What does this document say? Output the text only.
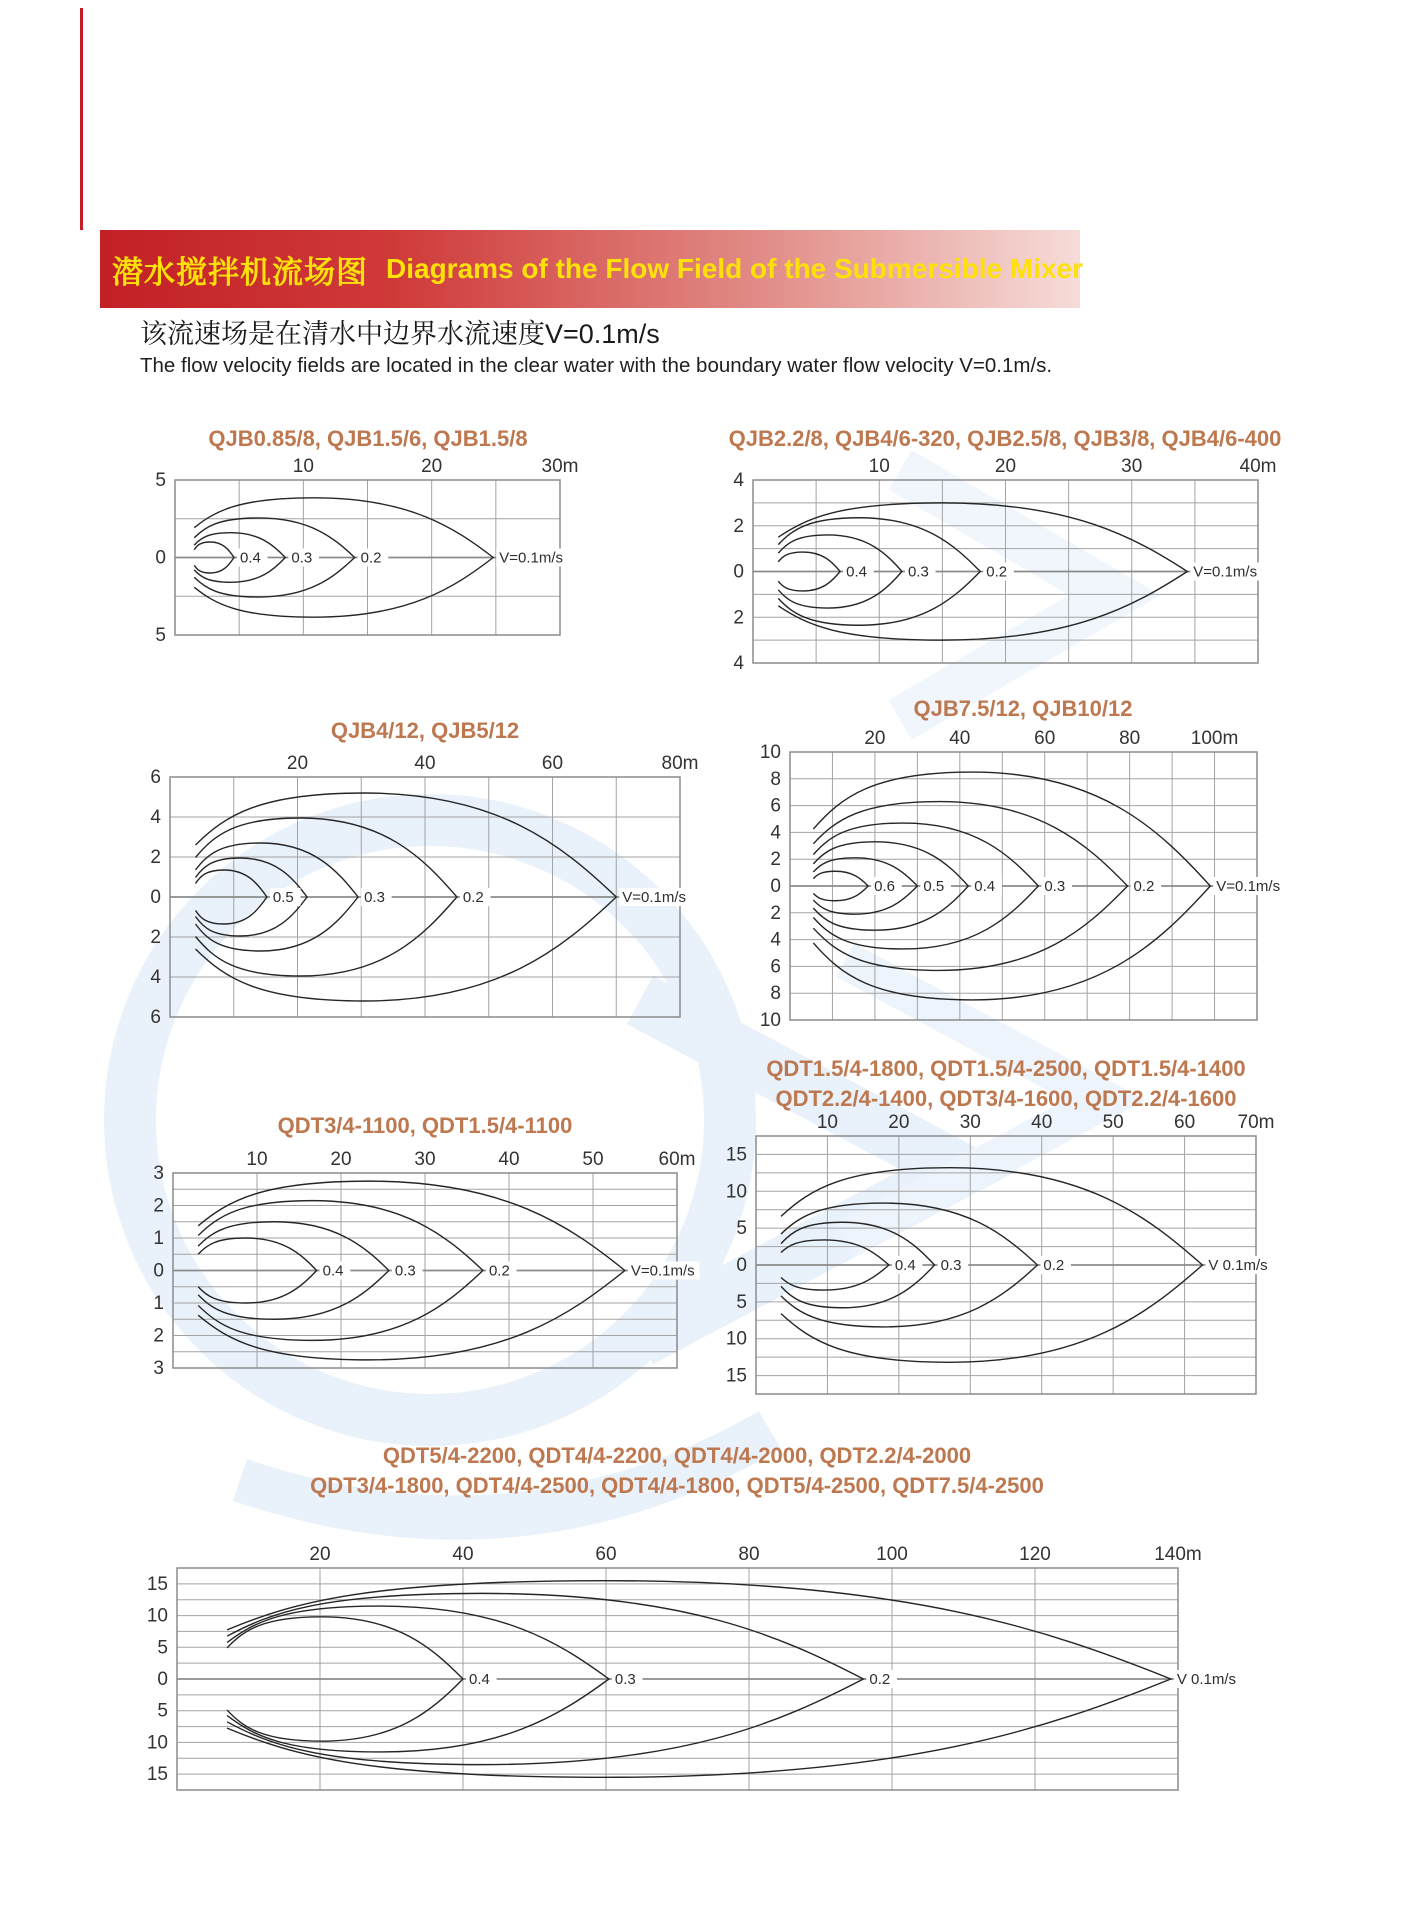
潜水搅拌机流场图 Diagrams of the Flow Field of the Submersible Mixer
该流速场是在清水中边界水流速度V=0.1m/s
The flow velocity fields are located in the clear water with the boundary water flow velocity V=0.1m/s.
QJB0.85/8, QJB1.5/6, QJB1.5/8
10	20	30m
5
0
5
0.4 0.3	0.2	V=0.1m/s
QJB2.2/8, QJB4/6-320, QJB2.5/8, QJB3/8, QJB4/6-400
10	20	30	40m
4
2
0
2
4
0.4	0.3	0.2	V=0.1m/s
QJB4/12, QJB5/12
20	40	60	80m
6
4
2
0
2
4
6
0.5	0.3	0.2	V=0.1m/s
QJB7.5/12, QJB10/12
20	40	60	80	100m
10
8
6
4
2
0
2
4
6
8
10
0.6 0.5 0.4	0.3	0.2	V=0.1m/s
QDT3/4-1100, QDT1.5/4-1100
10	20	30	40	50	60m
3
2
1
0
1
2
3
0.4	0.3	0.2	V=0.1m/s
QDT1.5/4-1800, QDT1.5/4-2500, QDT1.5/4-1400
QDT2.2/4-1400, QDT3/4-1600, QDT2.2/4-1600
10	20	30	40	50	60 70m
15
10
5
0
5
10
15
0.4 0.3	0.2	V 0.1m/s
QDT5/4-2200, QDT4/4-2200, QDT4/4-2000, QDT2.2/4-2000
QDT3/4-1800, QDT4/4-2500, QDT4/4-1800, QDT5/4-2500, QDT7.5/4-2500
20	40	60	80	100	120	140m
15
10
5
0
5
10
15
0.4	0.3	0.2	V 0.1m/s
